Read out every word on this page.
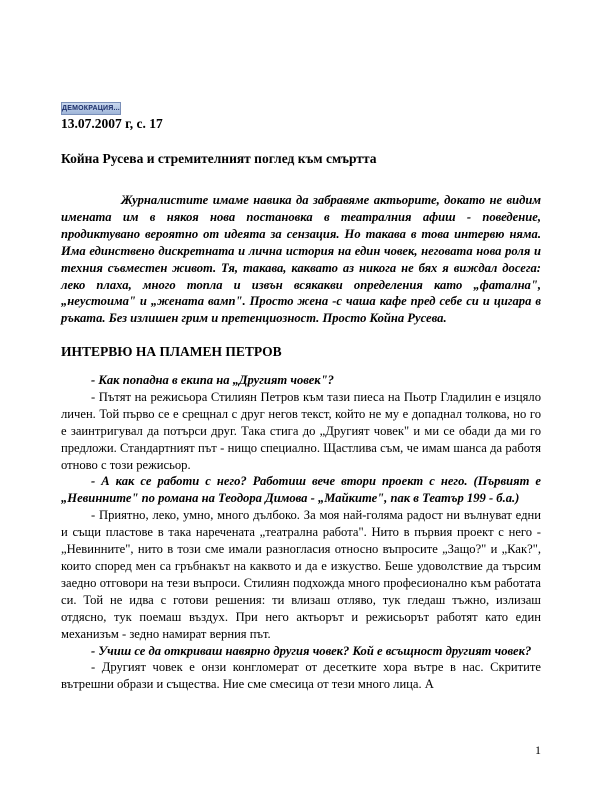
ДЕМОКРАЦИЯ...
13.07.2007 г, с. 17
Койна Русева и стремителният поглед към смъртта

Журналистите имаме навика да забравяме актьорите, докато не видим имената им в някоя нова постановка в театралния афиш - поведение, продиктувано вероятно от идеята за сензация. Но такава в това интервю няма. Има единствено дискретната и лична история на един човек, неговата нова роля и техния съвместен живот. Тя, такава, каквато аз никога не бях я виждал досега: леко плаха, много топла и извън всякакви определения като „фатална", „неустоима" и „жената вамп". Просто жена -с чаша кафе пред себе си и цигара в ръката. Без излишен грим и претенциозност. Просто Койна Русева.

ИНТЕРВЮ НА ПЛАМЕН ПЕТРОВ

- Как попадна в екипа на „Другият човек"?

- Пътят на режисьора Стилиян Петров към тази пиеса на Пьотр Гладилин е изцяло личен. Той първо се е срещнал с друг негов текст, който не му е допаднал толкова, но го е заинтригувал да потърси друг. Така стига до „Другият човек" и ми се обади да ми го предложи. Стандартният път - нищо специално. Щастлива съм, че имам шанса да работя отново с този режисьор.

- А как се работи с него? Работиш вече втори проект с него. (Първият е „Невинните" по романа на Теодора Димова - „Майките", пак в Театър 199 - б.а.)

- Приятно, леко, умно, много дълбоко. За моя най-голяма радост ни вълнуват едни и същи пластове в така наречената „театрална работа". Нито в първия проект с него -„Невинните", нито в този сме имали разногласия относно въпросите „Защо?" и „Как?", които според мен са гръбнакът на каквото и да е изкуство. Беше удоволствие да търсим заедно отговори на тези въпроси. Стилиян подхожда много професионално към работата си. Той не идва с готови решения: ти влизаш отляво, тук гледаш тъжно, излизаш отдясно, тук поемаш въздух. При него актьорът и режисьорът работят като един механизъм - зедно намират верния път.

- Учиш се да откриваш навярно другия човек? Кой е всъщност другият човек?

- Другият човек е онзи конгломерат от десетките хора вътре в нас. Скритите вътрешни образи и същества. Ние сме смесица от тези много лица. А

1
